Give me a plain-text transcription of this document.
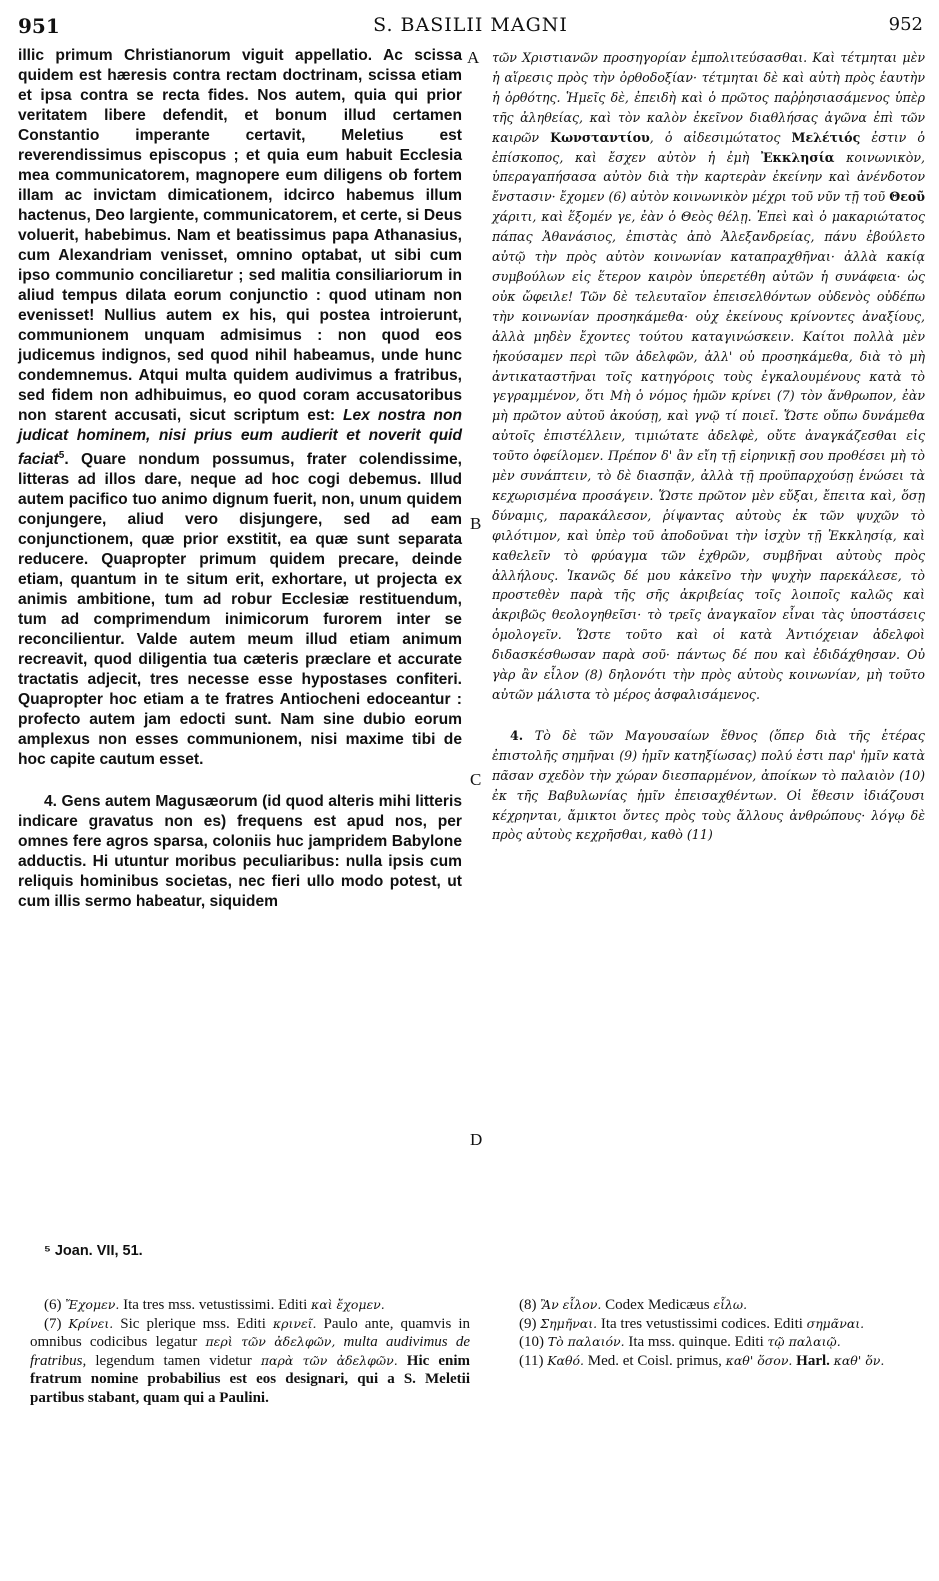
951	S. BASILII MAGNI	952
A
B
C
D

illic primum Christianorum viguit appellatio. Ac scissa quidem est hæresis contra rectam doctrinam, scissa etiam et ipsa contra se recta fides. Nos autem, quia qui prior veritatem libere defendit, et bonum illud certamen Constantio imperante certavit, Meletius est reverendissimus episcopus ; et quia eum habuit Ecclesia mea communicatorem, magnopere eum diligens ob fortem illam ac invictam dimicationem, idcirco habemus illum hactenus, Deo largiente, communicatorem, et certe, si Deus voluerit, habebimus. Nam et beatissimus papa Athanasius, cum Alexandriam venisset, omnino optabat, ut sibi cum ipso communio conciliaretur ; sed malitia consiliariorum in aliud tempus dilata eorum conjunctio : quod utinam non evenisset! Nullius autem ex his, qui postea introierunt, communionem unquam admisimus : non quod eos judicemus indignos, sed quod nihil habeamus, unde hunc condemnemus. Atqui multa quidem audivimus a fratribus, sed fidem non adhibuimus, eo quod coram accusatoribus non starent accusati, sicut scriptum est: Lex nostra non judicat hominem, nisi prius eum audierit et noverit quid faciat$^5$. Quare nondum possumus, frater colendissime, litteras ad illos dare, neque ad hoc cogi debemus. Illud autem pacifico tuo animo dignum fuerit, non, unum quidem conjungere, aliud vero disjungere, sed ad eam conjunctionem, quæ prior exstitit, ea quæ sunt separata reducere. Quapropter primum quidem precare, deinde etiam, quantum in te situm erit, exhortare, ut projecta ex animis ambitione, tum ad robur Ecclesiæ restituendum, tum ad comprimendum inimicorum furorem inter se reconcilientur. Valde autem meum illud etiam animum recreavit, quod diligentia tua cæteris præclare et accurate tractatis adjecit, tres necesse esse hypostases confiteri. Quapropter hoc etiam a te fratres Antiocheni edoceantur : profecto autem jam edocti sunt. Nam sine dubio eorum amplexus non esses communionem, nisi maxime tibi de hoc capite cautum esset.

4. Gens autem Magusæorum (id quod alteris mihi litteris indicare gravatus non es) frequens est apud nos, per omnes fere agros sparsa, coloniis huc jampridem Babylone adductis. Hi utuntur moribus peculiaribus: nulla ipsis cum reliquis hominibus societas, nec fieri ullo modo potest, ut cum illis sermo habeatur, siquidem

τῶν Χριστιανῶν προσηγορίαν ἐμπολιτεύσασθαι. Καὶ τέτμηται μὲν ἡ αἵρεσις πρὸς τὴν ὀρθοδοξίαν· τέτμηται δὲ καὶ αὐτὴ πρὸς ἑαυτὴν ἡ ὀρθότης. Ἡμεῖς δὲ, ἐπειδὴ καὶ ὁ πρῶτος παῤῥησιασάμενος ὑπὲρ τῆς ἀληθείας, καὶ τὸν καλὸν ἐκεῖνον διαθλήσας ἀγῶνα ἐπὶ τῶν καιρῶν Κωνσταντίου, ὁ αἰδεσιμώτατος Μελέτιός ἐστιν ὁ ἐπίσκοπος, καὶ ἔσχεν αὐτὸν ἡ ἐμὴ Ἐκκλησία κοινωνικὸν, ὑπεραγαπήσασα αὐτὸν διὰ τὴν καρτερὰν ἐκείνην καὶ ἀνένδοτον ἔνστασιν· ἔχομεν (6) αὐτὸν κοινωνικὸν μέχρι τοῦ νῦν τῇ τοῦ Θεοῦ χάριτι, καὶ ἕξομέν γε, ἐὰν ὁ Θεὸς θέλῃ. Ἐπεὶ καὶ ὁ μακαριώτατος πάπας Ἀθανάσιος, ἐπιστὰς ἀπὸ Ἀλεξανδρείας, πάνυ ἐβούλετο αὐτῷ τὴν πρὸς αὐτὸν κοινωνίαν καταπραχθῆναι· ἀλλὰ κακίᾳ συμβούλων εἰς ἕτερον καιρὸν ὑπερετέθη αὐτῶν ἡ συνάφεια· ὡς οὐκ ὤφειλε! Τῶν δὲ τελευταῖον ἐπεισελθόντων οὐδενὸς οὐδέπω τὴν κοινωνίαν προσηκάμεθα· οὐχ ἐκείνους κρίνοντες ἀναξίους, ἀλλὰ μηδὲν ἔχοντες τούτου καταγινώσκειν. Καίτοι πολλὰ μὲν ἠκούσαμεν περὶ τῶν ἀδελφῶν, ἀλλ' οὐ προσηκάμεθα, διὰ τὸ μὴ ἀντικαταστῆναι τοῖς κατηγόροις τοὺς ἐγκαλουμένους κατὰ τὸ γεγραμμένον, ὅτι Μὴ ὁ νόμος ἡμῶν κρίνει (7) τὸν ἄνθρωπον, ἐὰν μὴ πρῶτον αὐτοῦ ἀκούσῃ, καὶ γνῷ τί ποιεῖ. Ὥστε οὔπω δυνάμεθα αὐτοῖς ἐπιστέλλειν, τιμιώτατε ἀδελφὲ, οὔτε ἀναγκάζεσθαι εἰς τοῦτο ὀφείλομεν. Πρέπον δ' ἂν εἴη τῇ εἰρηνικῇ σου προθέσει μὴ τὸ μὲν συνάπτειν, τὸ δὲ διασπᾷν, ἀλλὰ τῇ προϋπαρχούσῃ ἑνώσει τὰ κεχωρισμένα προσάγειν. Ὥστε πρῶτον μὲν εὔξαι, ἔπειτα καὶ, ὅσῃ δύναμις, παρακάλεσον, ῥίψαντας αὐτοὺς ἐκ τῶν ψυχῶν τὸ φιλότιμον, καὶ ὑπὲρ τοῦ ἀποδοῦναι τὴν ἰσχὺν τῇ Ἐκκλησίᾳ, καὶ καθελεῖν τὸ φρύαγμα τῶν ἐχθρῶν, συμβῆναι αὐτοὺς πρὸς ἀλλήλους. Ἱκανῶς δέ μου κἀκεῖνο τὴν ψυχὴν παρεκάλεσε, τὸ προστεθὲν παρὰ τῆς σῆς ἀκριβείας τοῖς λοιποῖς καλῶς καὶ ἀκριβῶς θεολογηθεῖσι· τὸ τρεῖς ἀναγκαῖον εἶναι τὰς ὑποστάσεις ὁμολογεῖν. Ὥστε τοῦτο καὶ οἱ κατὰ Ἀντιόχειαν ἀδελφοὶ διδασκέσθωσαν παρὰ σοῦ· πάντως δέ που καὶ ἐδιδάχθησαν. Οὐ γὰρ ἂν εἷλον (8) δηλονότι τὴν πρὸς αὐτοὺς κοινωνίαν, μὴ τοῦτο αὐτῶν μάλιστα τὸ μέρος ἀσφαλισάμενος.

4. Τὸ δὲ τῶν Μαγουσαίων ἔθνος (ὅπερ διὰ τῆς ἑτέρας ἐπιστολῆς σημῆναι (9) ἡμῖν κατηξίωσας) πολύ ἐστι παρ' ἡμῖν κατὰ πᾶσαν σχεδὸν τὴν χώραν διεσπαρμένον, ἀποίκων τὸ παλαιὸν (10) ἐκ τῆς Βαβυλωνίας ἡμῖν ἐπεισαχθέντων. Οἱ ἔθεσιν ἰδιάζουσι κέχρηνται, ἄμικτοι ὄντες πρὸς τοὺς ἄλλους ἀνθρώπους· λόγῳ δὲ πρὸς αὐτοὺς κεχρῆσθαι, καθὸ (11)

⁵ Joan. VII, 51.

(6) Ἔχομεν. Ita tres mss. vetustissimi. Editi καὶ ἔχομεν.

(7) Κρίνει. Sic plerique mss. Editi κρινεῖ. Paulo ante, quamvis in omnibus codicibus legatur περὶ τῶν ἀδελφῶν, multa audivimus de fratribus, legendum tamen videtur παρὰ τῶν ἀδελφῶν. Hic enim fratrum nomine probabilius est eos designari, qui a S. Meletii partibus stabant, quam qui a Paulini.

(8) Ἂν εἷλον. Codex Medicæus εἷλω.

(9) Σημῆναι. Ita tres vetustissimi codices. Editi σημᾶναι.

(10) Τὸ παλαιόν. Ita mss. quinque. Editi τῷ παλαιῷ.

(11) Καθό. Med. et Coisl. primus, καθ' ὅσον. Harl. καθ' ὅν.
